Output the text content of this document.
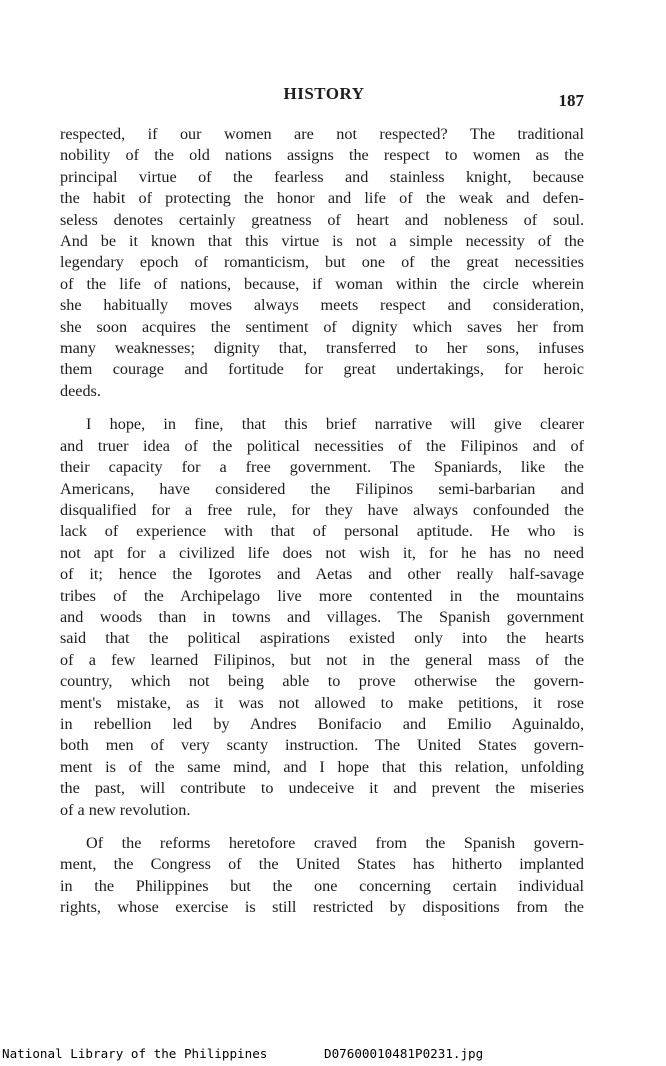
HISTORY	187

respected, if our women are not respected? The traditional
nobility of the old nations assigns the respect to women as the
principal virtue of the fearless and stainless knight, because
the habit of protecting the honor and life of the weak and defen-
seless denotes certainly greatness of heart and nobleness of soul.
And be it known that this virtue is not a simple necessity of the
legendary epoch of romanticism, but one of the great necessities
of the life of nations, because, if woman within the circle wherein
she habitually moves always meets respect and consideration,
she soon acquires the sentiment of dignity which saves her from
many weaknesses; dignity that, transferred to her sons, infuses
them courage and fortitude for great undertakings, for heroic
deeds.

I hope, in fine, that this brief narrative will give clearer
and truer idea of the political necessities of the Filipinos and of
their capacity for a free government. The Spaniards, like the
Americans, have considered the Filipinos semi-barbarian and
disqualified for a free rule, for they have always confounded the
lack of experience with that of personal aptitude. He who is
not apt for a civilized life does not wish it, for he has no need
of it; hence the Igorotes and Aetas and other really half-savage
tribes of the Archipelago live more contented in the mountains
and woods than in towns and villages. The Spanish government
said that the political aspirations existed only into the hearts
of a few learned Filipinos, but not in the general mass of the
country, which not being able to prove otherwise the govern-
ment's mistake, as it was not allowed to make petitions, it rose
in rebellion led by Andres Bonifacio and Emilio Aguinaldo,
both men of very scanty instruction. The United States govern-
ment is of the same mind, and I hope that this relation, unfolding
the past, will contribute to undeceive it and prevent the miseries
of a new revolution.

Of the reforms heretofore craved from the Spanish govern-
ment, the Congress of the United States has hitherto implanted
in the Philippines but the one concerning certain individual
rights, whose exercise is still restricted by dispositions from the

National Library of the Philippines	D07600010481P0231.jpg
